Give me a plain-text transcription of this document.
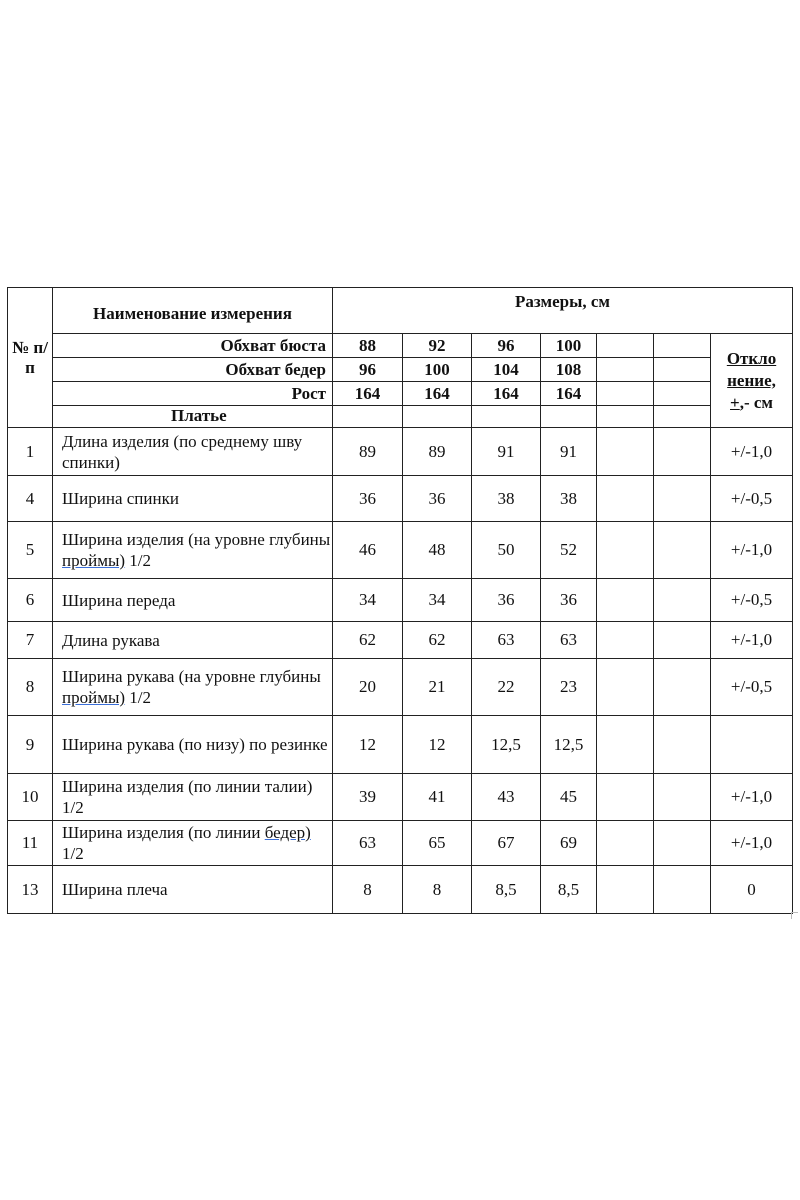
№ п/п	Наименование измерения	Размеры, см						
	Обхват бюста	88	92	96	100			Откло
нение,
+,- см
	Обхват бедер	96	100	104	108			
	Рост	164	164	164	164			
	Платье							
1	Длина изделия (по среднему шву спинки)	89	89	91	91			+/-1,0
4	Ширина спинки	36	36	38	38			+/-0,5
5	Ширина изделия (на уровне глубины проймы) 1/2	46	48	50	52			+/-1,0
6	Ширина переда	34	34	36	36			+/-0,5
7	Длина рукава	62	62	63	63			+/-1,0
8	Ширина рукава (на уровне глубины проймы) 1/2	20	21	22	23			+/-0,5
9	Ширина рукава (по низу) по резинке	12	12	12,5	12,5			
10	Ширина изделия (по линии талии) 1/2	39	41	43	45			+/-1,0
11	Ширина изделия (по линии бедер) 1/2	63	65	67	69			+/-1,0
13	Ширина плеча	8	8	8,5	8,5			0
